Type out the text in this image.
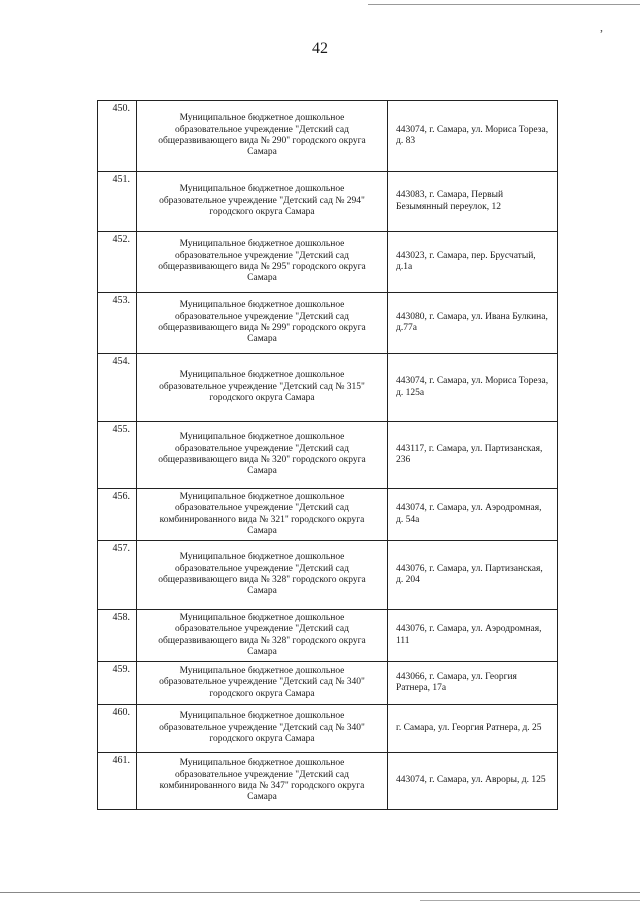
,
42
450.	Муниципальное бюджетное дошкольное образовательное учреждение "Детский сад общеразвивающего вида № 290" городского округа Самара	443074, г. Самара, ул. Мориса Тореза, д. 83
451.	Муниципальное бюджетное дошкольное образовательное учреждение "Детский сад № 294" городского округа Самара	443083, г. Самара, Первый Безымянный переулок, 12
452.	Муниципальное бюджетное дошкольное образовательное учреждение "Детский сад общеразвивающего вида № 295" городского округа Самара	443023, г. Самара, пер. Брусчатый, д.1а
453.	Муниципальное бюджетное дошкольное образовательное учреждение "Детский сад общеразвивающего вида № 299" городского округа Самара	443080, г. Самара, ул. Ивана Булкина, д.77а
454.	Муниципальное бюджетное дошкольное образовательное учреждение "Детский сад № 315" городского округа Самара	443074, г. Самара, ул. Мориса Тореза, д. 125а
455.	Муниципальное бюджетное дошкольное образовательное учреждение "Детский сад общеразвивающего вида № 320" городского округа Самара	443117, г. Самара, ул. Партизанская, 236
456.	Муниципальное бюджетное дошкольное образовательное учреждение "Детский сад комбинированного вида № 321" городского округа Самара	443074, г. Самара, ул. Аэродромная, д. 54а
457.	Муниципальное бюджетное дошкольное образовательное учреждение "Детский сад общеразвивающего вида № 328" городского округа Самара	443076, г. Самара, ул. Партизанская, д. 204
458.	Муниципальное бюджетное дошкольное образовательное учреждение "Детский сад общеразвивающего вида № 328" городского округа Самара	443076, г. Самара, ул. Аэродромная, 111
459.	Муниципальное бюджетное дошкольное образовательное учреждение "Детский сад № 340" городского округа Самара	443066, г. Самара, ул. Георгия Ратнера, 17а
460.	Муниципальное бюджетное дошкольное образовательное учреждение "Детский сад № 340" городского округа Самара	г. Самара, ул. Георгия Ратнера, д. 25
461.	Муниципальное бюджетное дошкольное образовательное учреждение "Детский сад комбинированного вида № 347" городского округа Самара	443074, г. Самара, ул. Авроры, д. 125
